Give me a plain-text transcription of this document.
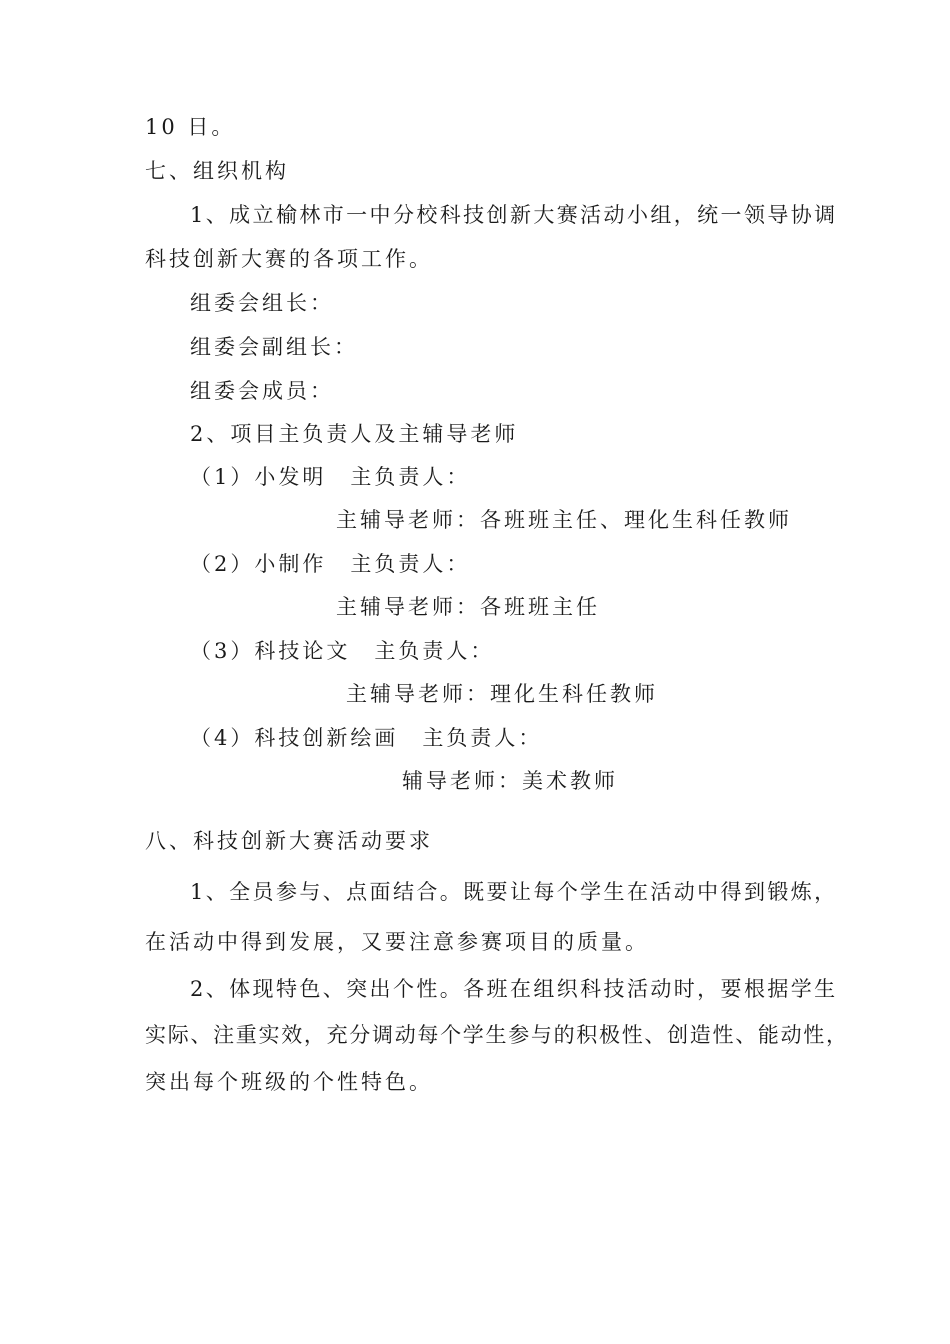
10 日。
七、组织机构
1、成立榆林市一中分校科技创新大赛活动小组，统一领导协调
科技创新大赛的各项工作。
组委会组长：
组委会副组长：
组委会成员：
2、项目主负责人及主辅导老师
（1）小发明　主负责人：
主辅导老师：各班班主任、理化生科任教师
（2）小制作　主负责人：
主辅导老师：各班班主任
（3）科技论文　主负责人：
主辅导老师：理化生科任教师
（4）科技创新绘画　主负责人：
辅导老师：美术教师
八、科技创新大赛活动要求
1、全员参与、点面结合。既要让每个学生在活动中得到锻炼，
在活动中得到发展，又要注意参赛项目的质量。
2、体现特色、突出个性。各班在组织科技活动时，要根据学生
实际、注重实效，充分调动每个学生参与的积极性、创造性、能动性，
突出每个班级的个性特色。
